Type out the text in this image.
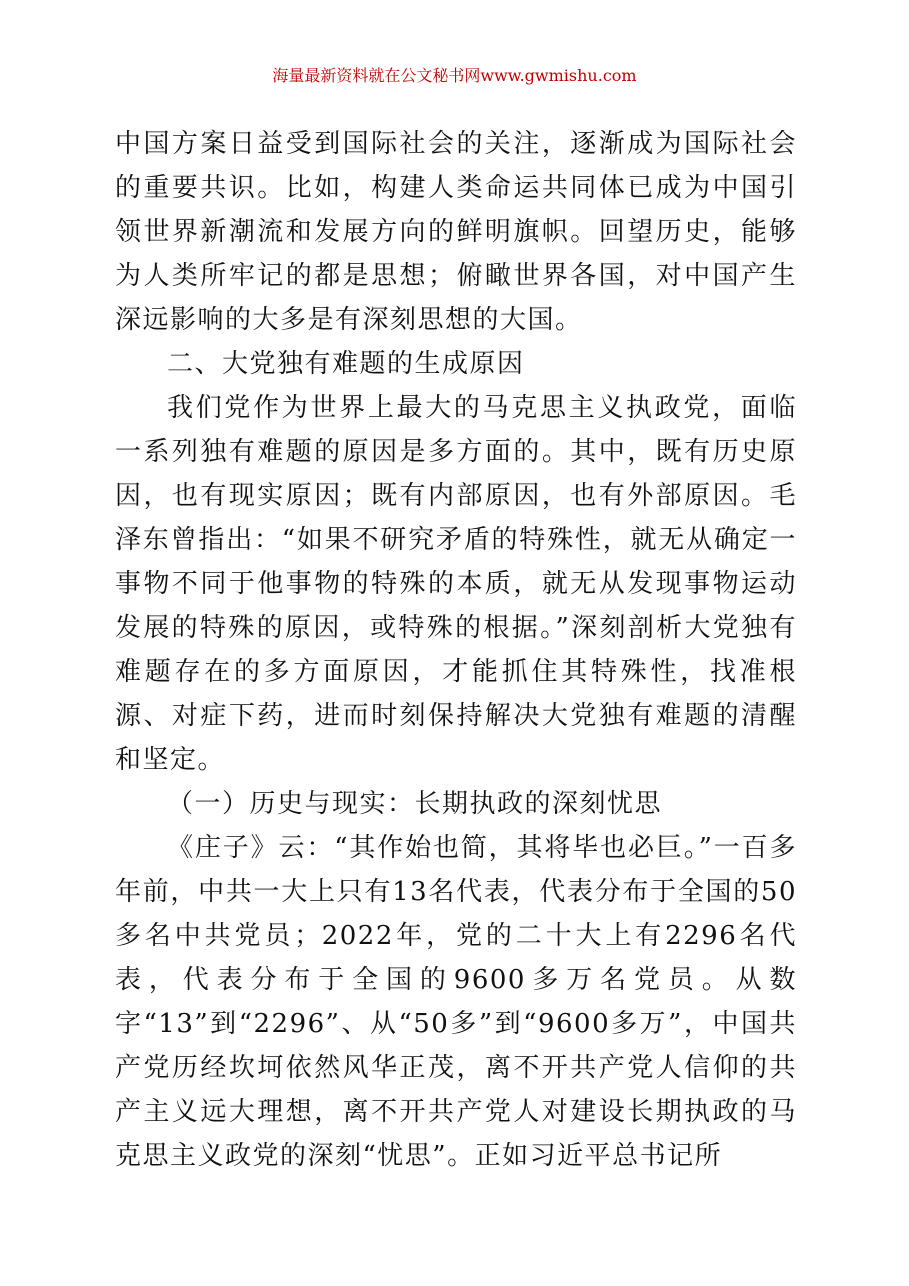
海量最新资料就在公文秘书网www.gwmishu.com

中国方案日益受到国际社会的关注，逐渐成为国际社会的重要共识。比如，构建人类命运共同体已成为中国引领世界新潮流和发展方向的鲜明旗帜。回望历史，能够为人类所牢记的都是思想；俯瞰世界各国，对中国产生深远影响的大多是有深刻思想的大国。

二、大党独有难题的生成原因

我们党作为世界上最大的马克思主义执政党，面临一系列独有难题的原因是多方面的。其中，既有历史原因，也有现实原因；既有内部原因，也有外部原因。毛泽东曾指出：“如果不研究矛盾的特殊性，就无从确定一事物不同于他事物的特殊的本质，就无从发现事物运动发展的特殊的原因，或特殊的根据。”深刻剖析大党独有难题存在的多方面原因，才能抓住其特殊性，找准根源、对症下药，进而时刻保持解决大党独有难题的清醒和坚定。

（一）历史与现实：长期执政的深刻忧思

《庄子》云：“其作始也简，其将毕也必巨。”一百多年前，中共一大上只有13名代表，代表分布于全国的50多名中共党员；2022年，党的二十大上有2296名代表，代表分布于全国的9600多万名党员。从数字“13”到“2296”、从“50多”到“9600多万”，中国共产党历经坎坷依然风华正茂，离不开共产党人信仰的共产主义远大理想，离不开共产党人对建设长期执政的马克思主义政党的深刻“忧思”。正如习近平总书记所
